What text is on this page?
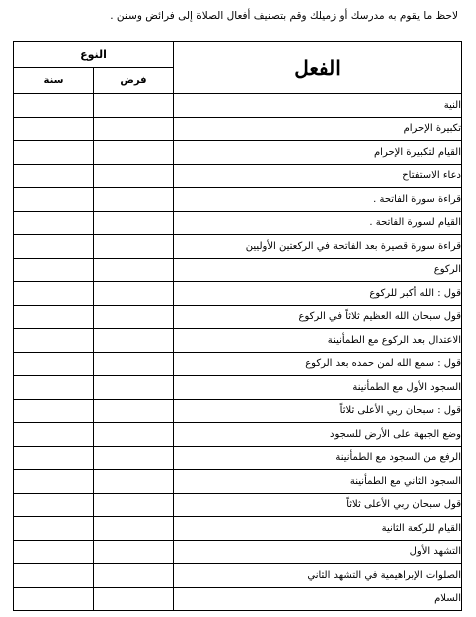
لاحظ ما يقوم به مدرسك أو زميلك وقم بتصنيف أفعال الصلاة إلى فرائض وسنن .
الفعل	النوع	
	فرض	سنة
النية		
تكبيرة الإحرام		
القيام لتكبيرة الإحرام		
دعاء الاستفتاح		
قراءة سورة الفاتحة .		
القيام لسورة الفاتحة .		
قراءة سورة قصيرة بعد الفاتحة في الركعتين الأوليين		
الركوع		
قول : الله أكبر للركوع		
قول سبحان الله العظيم ثلاثاً في الركوع		
الاعتدال بعد الركوع مع الطمأنينة		
قول : سمع الله لمن حمده بعد الركوع		
السجود الأول مع الطمأنينة		
قول : سبحان ربي الأعلى ثلاثاً		
وضع الجبهة على الأرض للسجود		
الرفع من السجود مع الطمأنينة		
السجود الثاني مع الطمأنينة		
قول سبحان ربي الأعلى ثلاثاً		
القيام للركعة الثانية		
التشهد الأول		
الصلوات الإبراهيمية في التشهد الثاني		
السلام		
